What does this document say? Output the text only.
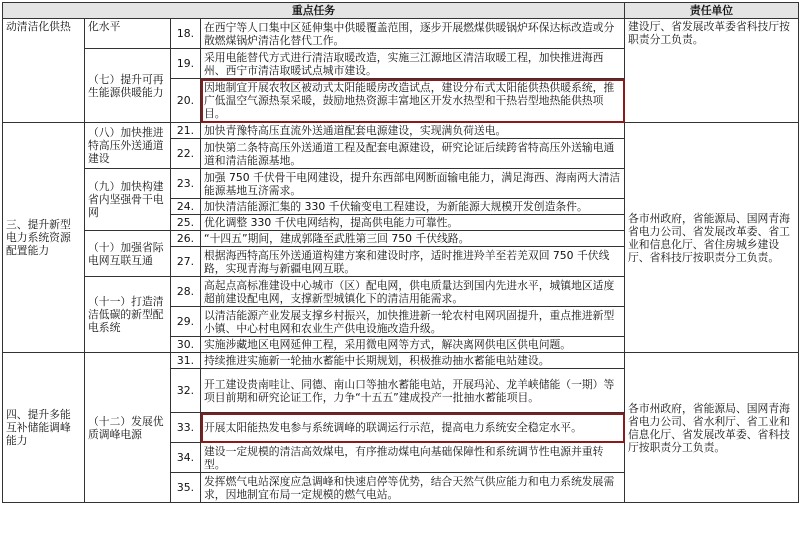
重点任务				责任单位
动清洁化供热	化水平	18.	在西宁等人口集中区延伸集中供暖覆盖范围，逐步开展燃煤供暖锅炉环保达标改造或分散燃煤锅炉清洁化替代工作。	建设厅、省发展改革委省科技厅按职责分工负责。
	（七）提升可再生能源供暖能力	19.	采用电能替代方式进行清洁取暖改造，实施三江源地区清洁取暖工程，加快推进海西州、西宁市清洁取暖试点城市建设。	
		20.	因地制宜开展农牧区被动式太阳能暖房改造试点，建设分布式太阳能供热供暖系统，推广低温空气源热泵采暖，鼓励地热资源丰富地区开发水热型和干热岩型地热能供热项目。	
三、提升新型电力系统资源配置能力	（八）加快推进特高压外送通道建设	21.	加快青豫特高压直流外送通道配套电源建设，实现满负荷送电。	各市州政府，省能源局、国网青海省电力公司、省发展改革委、省工业和信息化厅、省住房城乡建设厅、省科技厅按职责分工负责。
		22.	加快第二条特高压外送通道工程及配套电源建设，研究论证后续跨省特高压外送输电通道和清洁能源基地。	
	（九）加快构建省内坚强骨干电网	23.	加强 750 千伏骨干电网建设，提升东西部电网断面输电能力，满足海西、海南两大清洁能源基地互济需求。	
		24.	加快清洁能源汇集的 330 千伏输变电工程建设，为新能源大规模开发创造条件。	
		25.	优化调整 330 千伏电网结构，提高供电能力可靠性。	
	（十）加强省际电网互联互通	26.	“十四五”期间，建成郭隆至武胜第三回 750 千伏线路。	
		27.	根据海西特高压外送通道构建方案和建设时序，适时推进羚羊至若羌双回 750 千伏线路，实现青海与新疆电网互联。	
	（十一）打造清洁低碳的新型配电系统	28.	高起点高标准建设中心城市（区）配电网，供电质量达到国内先进水平，城镇地区适度超前建设配电网，支撑新型城镇化下的清洁用能需求。	
		29.	以清洁能源产业发展支撑乡村振兴，加快推进新一轮农村电网巩固提升，重点推进新型小镇、中心村电网和农业生产供电设施改造升级。	
		30.	实施涉藏地区电网延伸工程，采用微电网等方式，解决离网供电区供电问题。	
四、提升多能互补储能调峰能力	（十二）发展优质调峰电源	31.	持续推进实施新一轮抽水蓄能中长期规划，积极推动抽水蓄能电站建设。	各市州政府，省能源局、国网青海省电力公司、省水利厅、省工业和信息化厅、省发展改革委、省科技厅按职责分工负责。
		32.	开工建设贵南哇让、同德、南山口等抽水蓄能电站，开展玛沁、龙羊峡储能（一期）等项目前期和研究论证工作，力争“十五五”建成投产一批抽水蓄能项目。	
		33.	开展太阳能热发电参与系统调峰的联调运行示范，提高电力系统安全稳定水平。	
		34.	建设一定规模的清洁高效煤电，有序推动煤电向基础保障性和系统调节性电源并重转型。	
		35.	发挥燃气电站深度应急调峰和快速启停等优势，结合天然气供应能力和电力系统发展需求，因地制宜布局一定规模的燃气电站。	
